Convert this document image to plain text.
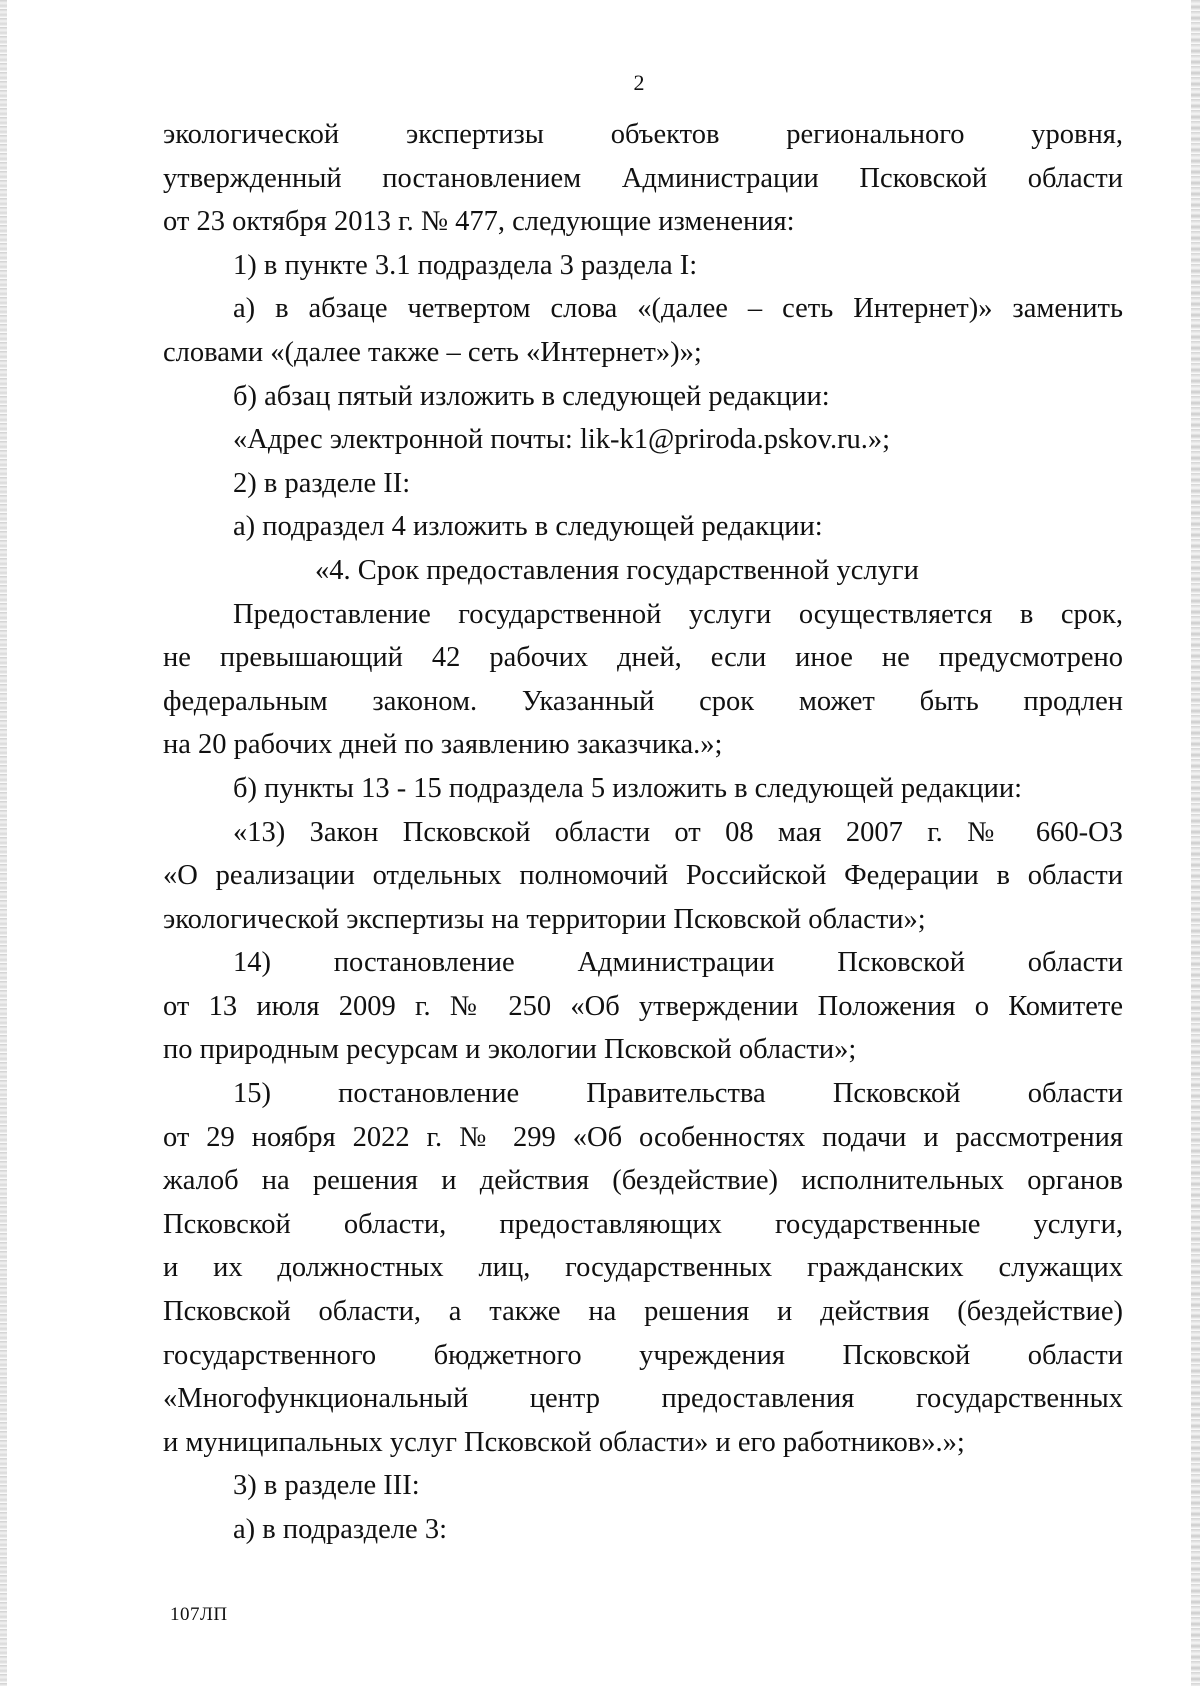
2
экологической экспертизы объектов регионального уровня,
утвержденный постановлением Администрации Псковской области
от 23 октября 2013 г. № 477, следующие изменения:
1) в пункте 3.1 подраздела 3 раздела I:
а) в абзаце четвертом слова «(далее – сеть Интернет)» заменить
словами «(далее также – сеть «Интернет»)»;
б) абзац пятый изложить в следующей редакции:
«Адрес электронной почты: lik-k1@priroda.pskov.ru.»;
2) в разделе II:
а) подраздел 4 изложить в следующей редакции:
«4. Срок предоставления государственной услуги
Предоставление государственной услуги осуществляется в срок,
не превышающий 42 рабочих дней, если иное не предусмотрено
федеральным законом. Указанный срок может быть продлен
на 20 рабочих дней по заявлению заказчика.»;
б) пункты 13 - 15 подраздела 5 изложить в следующей редакции:
«13) Закон Псковской области от 08 мая 2007 г. № 660-ОЗ
«О реализации отдельных полномочий Российской Федерации в области
экологической экспертизы на территории Псковской области»;
14) постановление Администрации Псковской области
от 13 июля 2009 г. № 250 «Об утверждении Положения о Комитете
по природным ресурсам и экологии Псковской области»;
15) постановление Правительства Псковской области
от 29 ноября 2022 г. № 299 «Об особенностях подачи и рассмотрения
жалоб на решения и действия (бездействие) исполнительных органов
Псковской области, предоставляющих государственные услуги,
и их должностных лиц, государственных гражданских служащих
Псковской области, а также на решения и действия (бездействие)
государственного бюджетного учреждения Псковской области
«Многофункциональный центр предоставления государственных
и муниципальных услуг Псковской области» и его работников».»;
3) в разделе III:
а) в подразделе 3:
107ЛП
